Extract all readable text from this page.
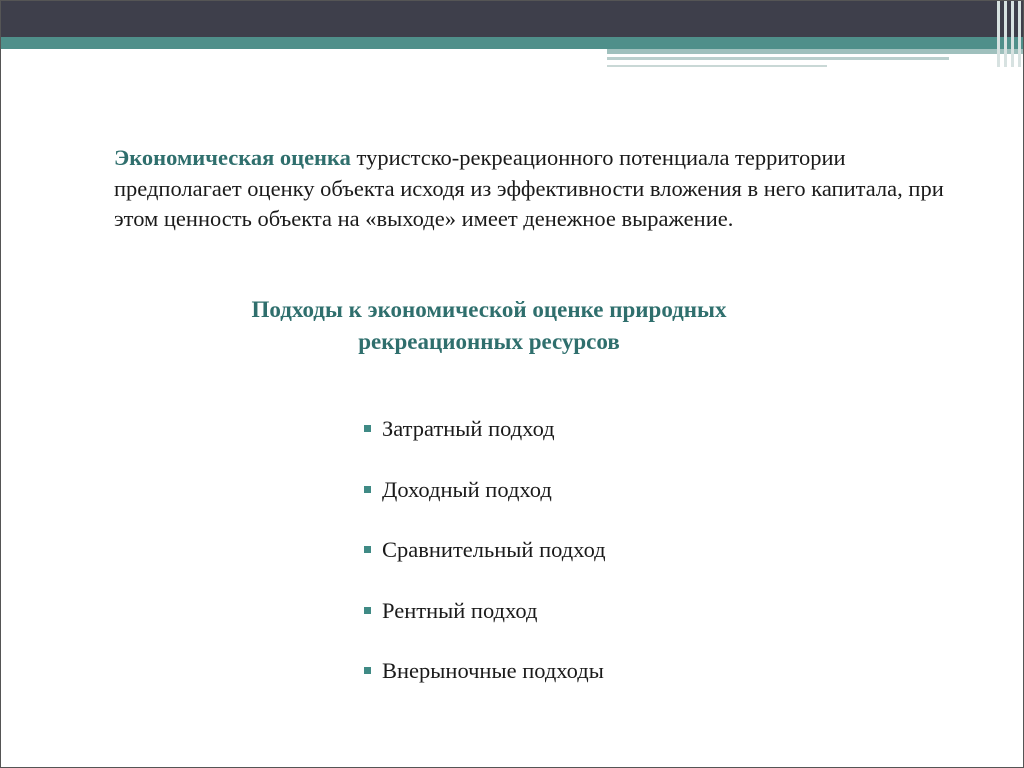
Экономическая оценка туристско-рекреационного потенциала территории предполагает оценку объекта исходя из эффективности вложения в него капитала, при этом ценность объекта на «выходе» имеет денежное выражение.

Подходы к экономической оценке природных рекреационных ресурсов
Затратный подход
Доходный подход
Сравнительный подход
Рентный подход
Внерыночные подходы
